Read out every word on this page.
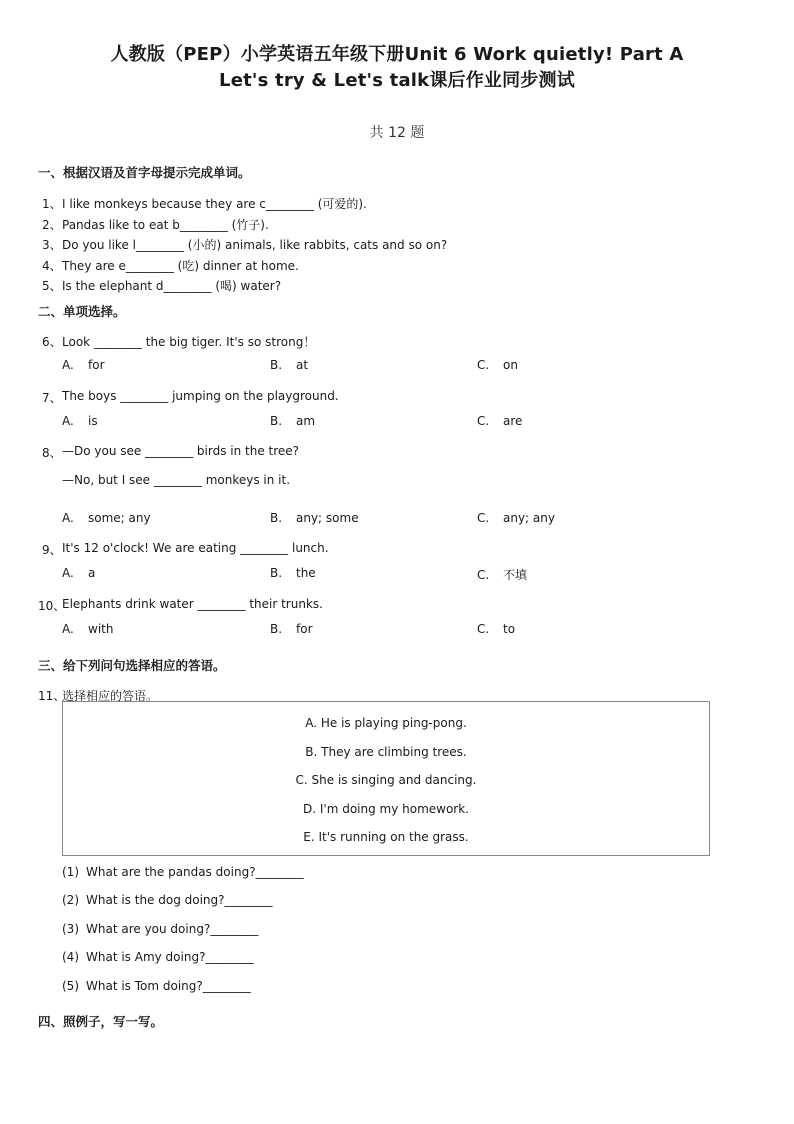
人教版（PEP）小学英语五年级下册Unit 6 Work quietly! Part A
Let's try & Let's talk课后作业同步测试
共 12 题
一、根据汉语及首字母提示完成单词。
1、 I like monkeys because they are c________ (可爱的).
2、 Pandas like to eat b________ (竹子).
3、 Do you like l________ (小的) animals, like rabbits, cats and so on?
4、 They are e________ (吃) dinner at home.
5、 Is the elephant d________ (喝) water?
二、单项选择。
6、 Look ________ the big tiger. It's so strong！
A. for	B. at	C. on
7、 The boys ________ jumping on the playground.
A. is	B. am	C. are
8、 —Do you see ________ birds in the tree?
—No, but I see ________ monkeys in it.
A. some; any	B. any; some	C. any; any
9、 It's 12 o'clock! We are eating ________ lunch.
A. a	B. the	C. 不填
10、
Elephants drink water ________ their trunks.
A. with	B. for	C. to
三、给下列问句选择相应的答语。
11、
选择相应的答语。
A. He is playing ping-pong.
B. They are climbing trees.
C. She is singing and dancing.
D. I'm doing my homework.
E. It's running on the grass.
(1) What are the pandas doing?________
(2) What is the dog doing?________
(3) What are you doing?________
(4) What is Amy doing?________
(5) What is Tom doing?________
四、照例子，写一写。
